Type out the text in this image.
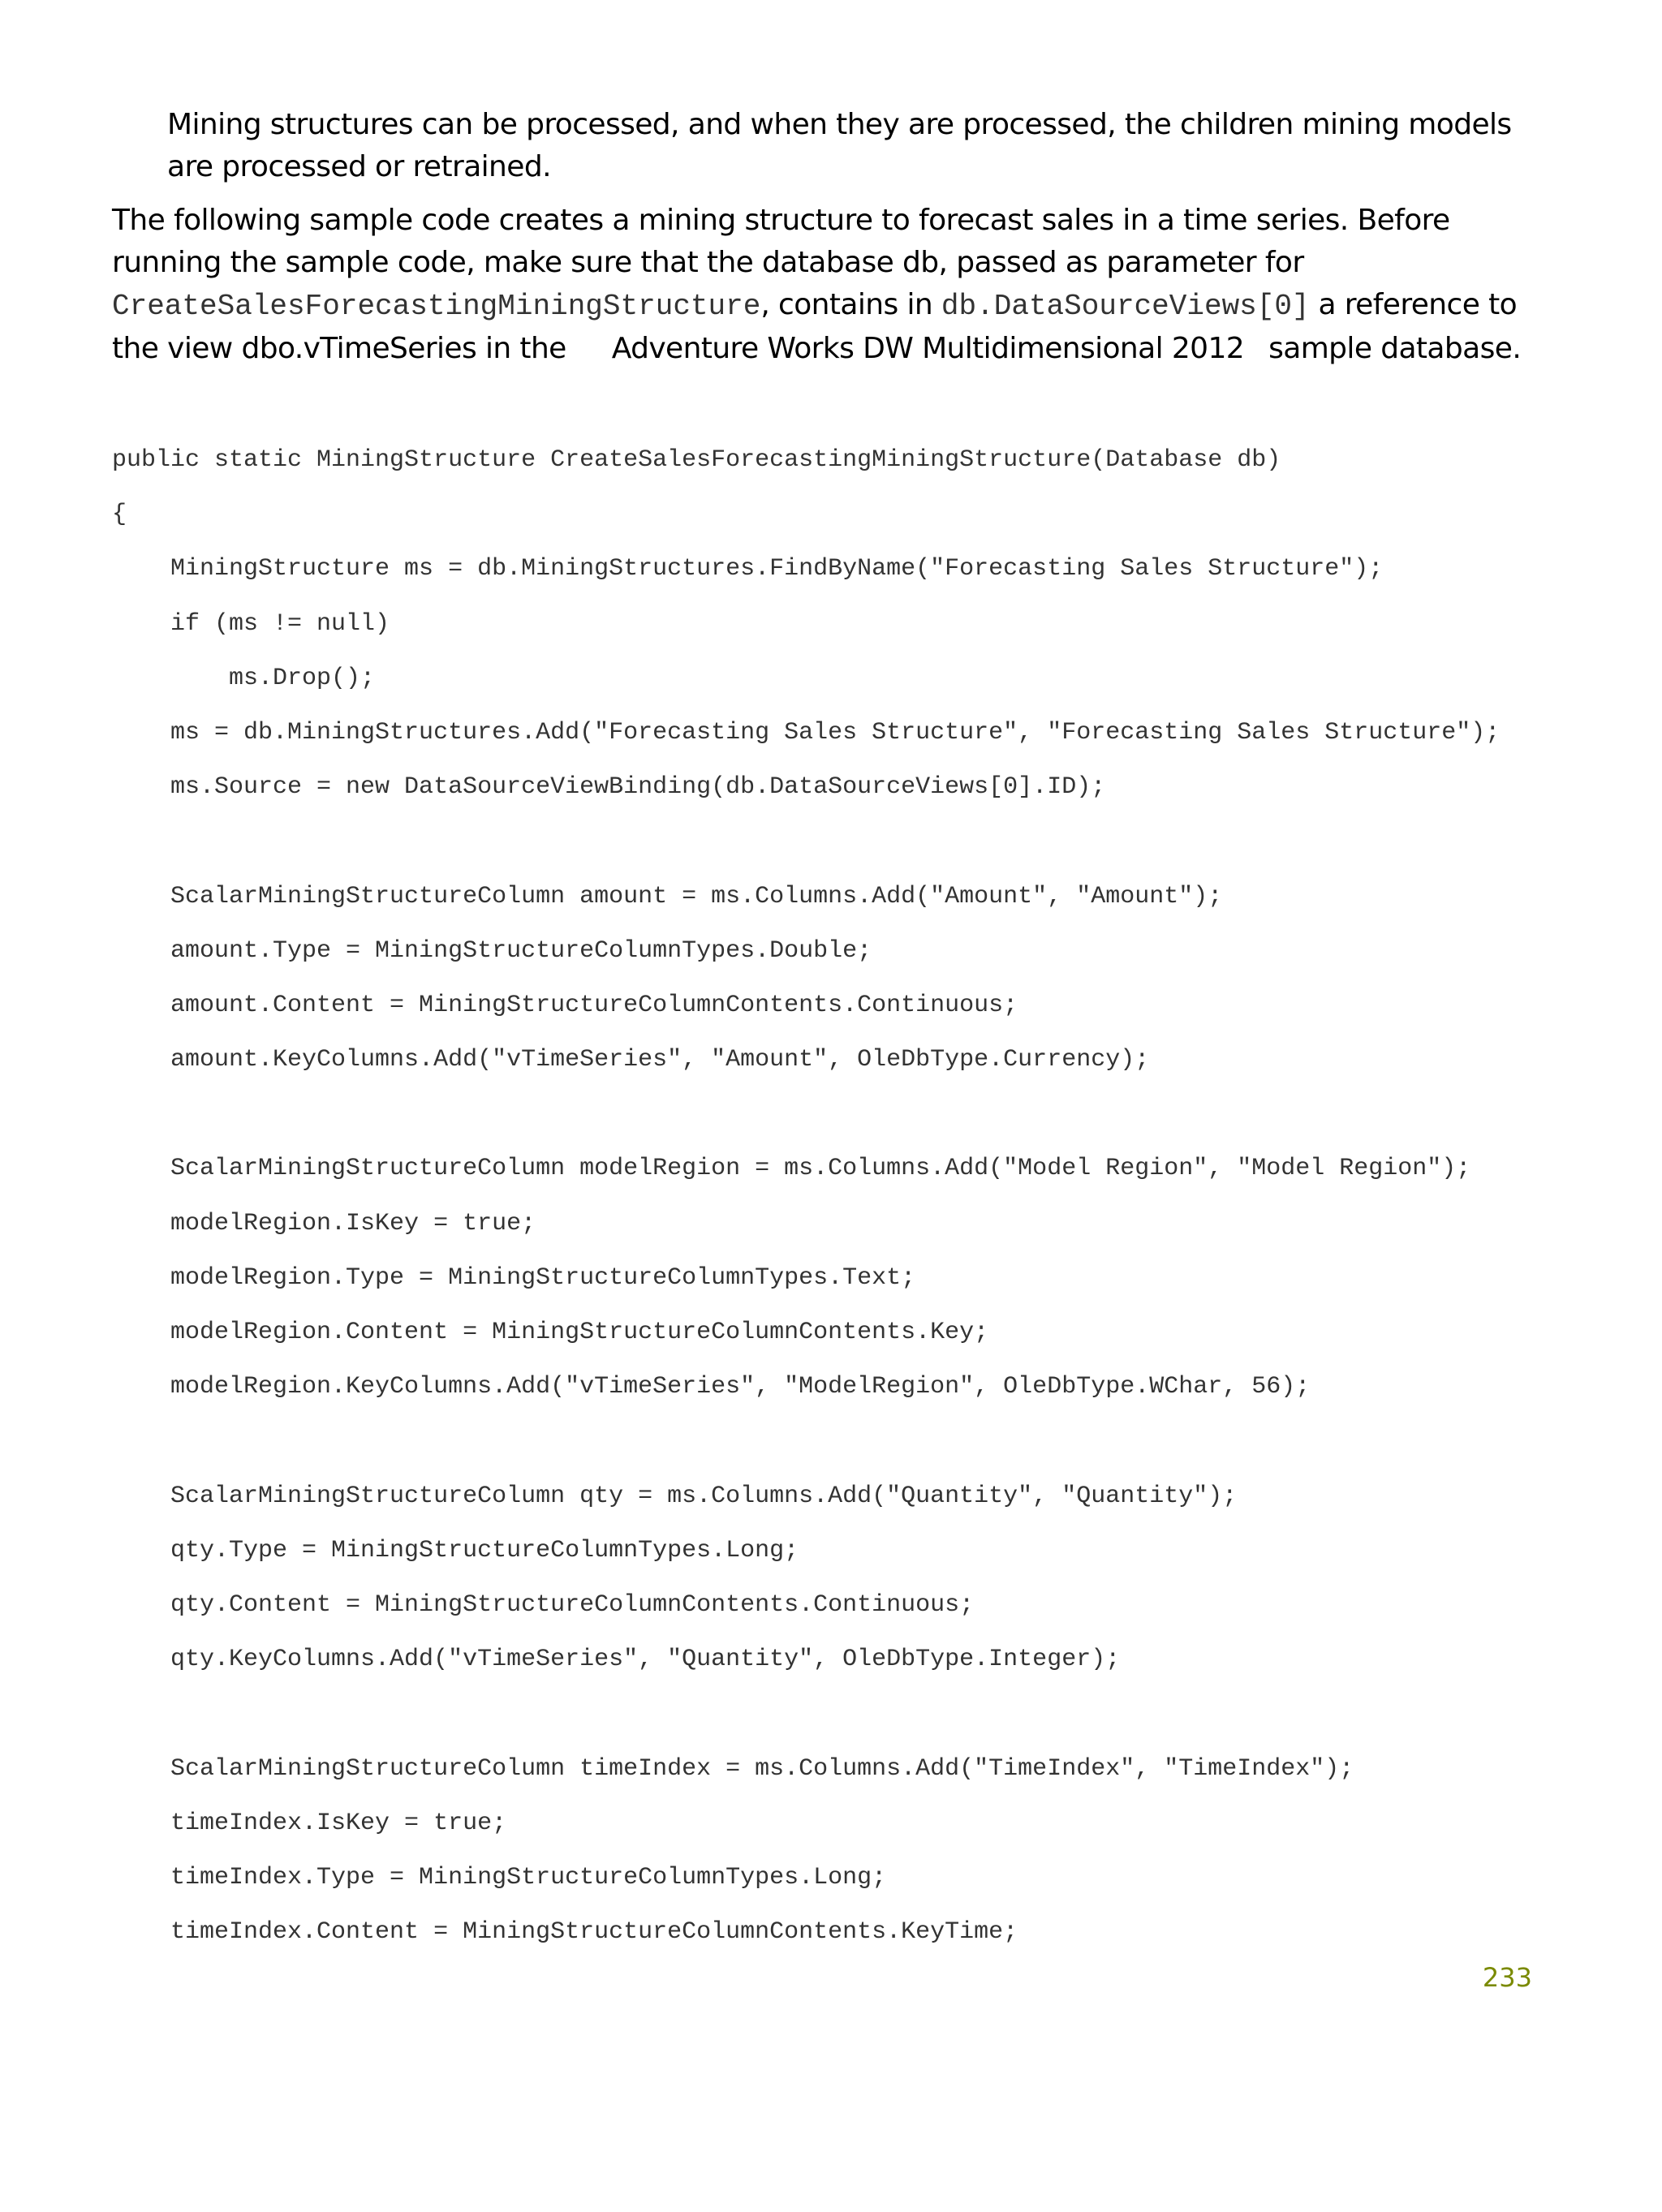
Mining structures can be processed, and when they are processed, the children mining models are processed or retrained.

The following sample code creates a mining structure to forecast sales in a time series. Before running the sample code, make sure that the database db, passed as parameter for CreateSalesForecastingMiningStructure, contains in db.DataSourceViews[0] a reference to the view dbo.vTimeSeries in the Adventure Works DW Multidimensional 2012 sample database.

public static MiningStructure CreateSalesForecastingMiningStructure(Database db)
{
MiningStructure ms = db.MiningStructures.FindByName("Forecasting Sales Structure");
if (ms != null)
ms.Drop();
ms = db.MiningStructures.Add("Forecasting Sales Structure", "Forecasting Sales Structure");
ms.Source = new DataSourceViewBinding(db.DataSourceViews[0].ID);
ScalarMiningStructureColumn amount = ms.Columns.Add("Amount", "Amount");
amount.Type = MiningStructureColumnTypes.Double;
amount.Content = MiningStructureColumnContents.Continuous;
amount.KeyColumns.Add("vTimeSeries", "Amount", OleDbType.Currency);
ScalarMiningStructureColumn modelRegion = ms.Columns.Add("Model Region", "Model Region");
modelRegion.IsKey = true;
modelRegion.Type = MiningStructureColumnTypes.Text;
modelRegion.Content = MiningStructureColumnContents.Key;
modelRegion.KeyColumns.Add("vTimeSeries", "ModelRegion", OleDbType.WChar, 56);
ScalarMiningStructureColumn qty = ms.Columns.Add("Quantity", "Quantity");
qty.Type = MiningStructureColumnTypes.Long;
qty.Content = MiningStructureColumnContents.Continuous;
qty.KeyColumns.Add("vTimeSeries", "Quantity", OleDbType.Integer);
ScalarMiningStructureColumn timeIndex = ms.Columns.Add("TimeIndex", "TimeIndex");
timeIndex.IsKey = true;
timeIndex.Type = MiningStructureColumnTypes.Long;
timeIndex.Content = MiningStructureColumnContents.KeyTime;
233
